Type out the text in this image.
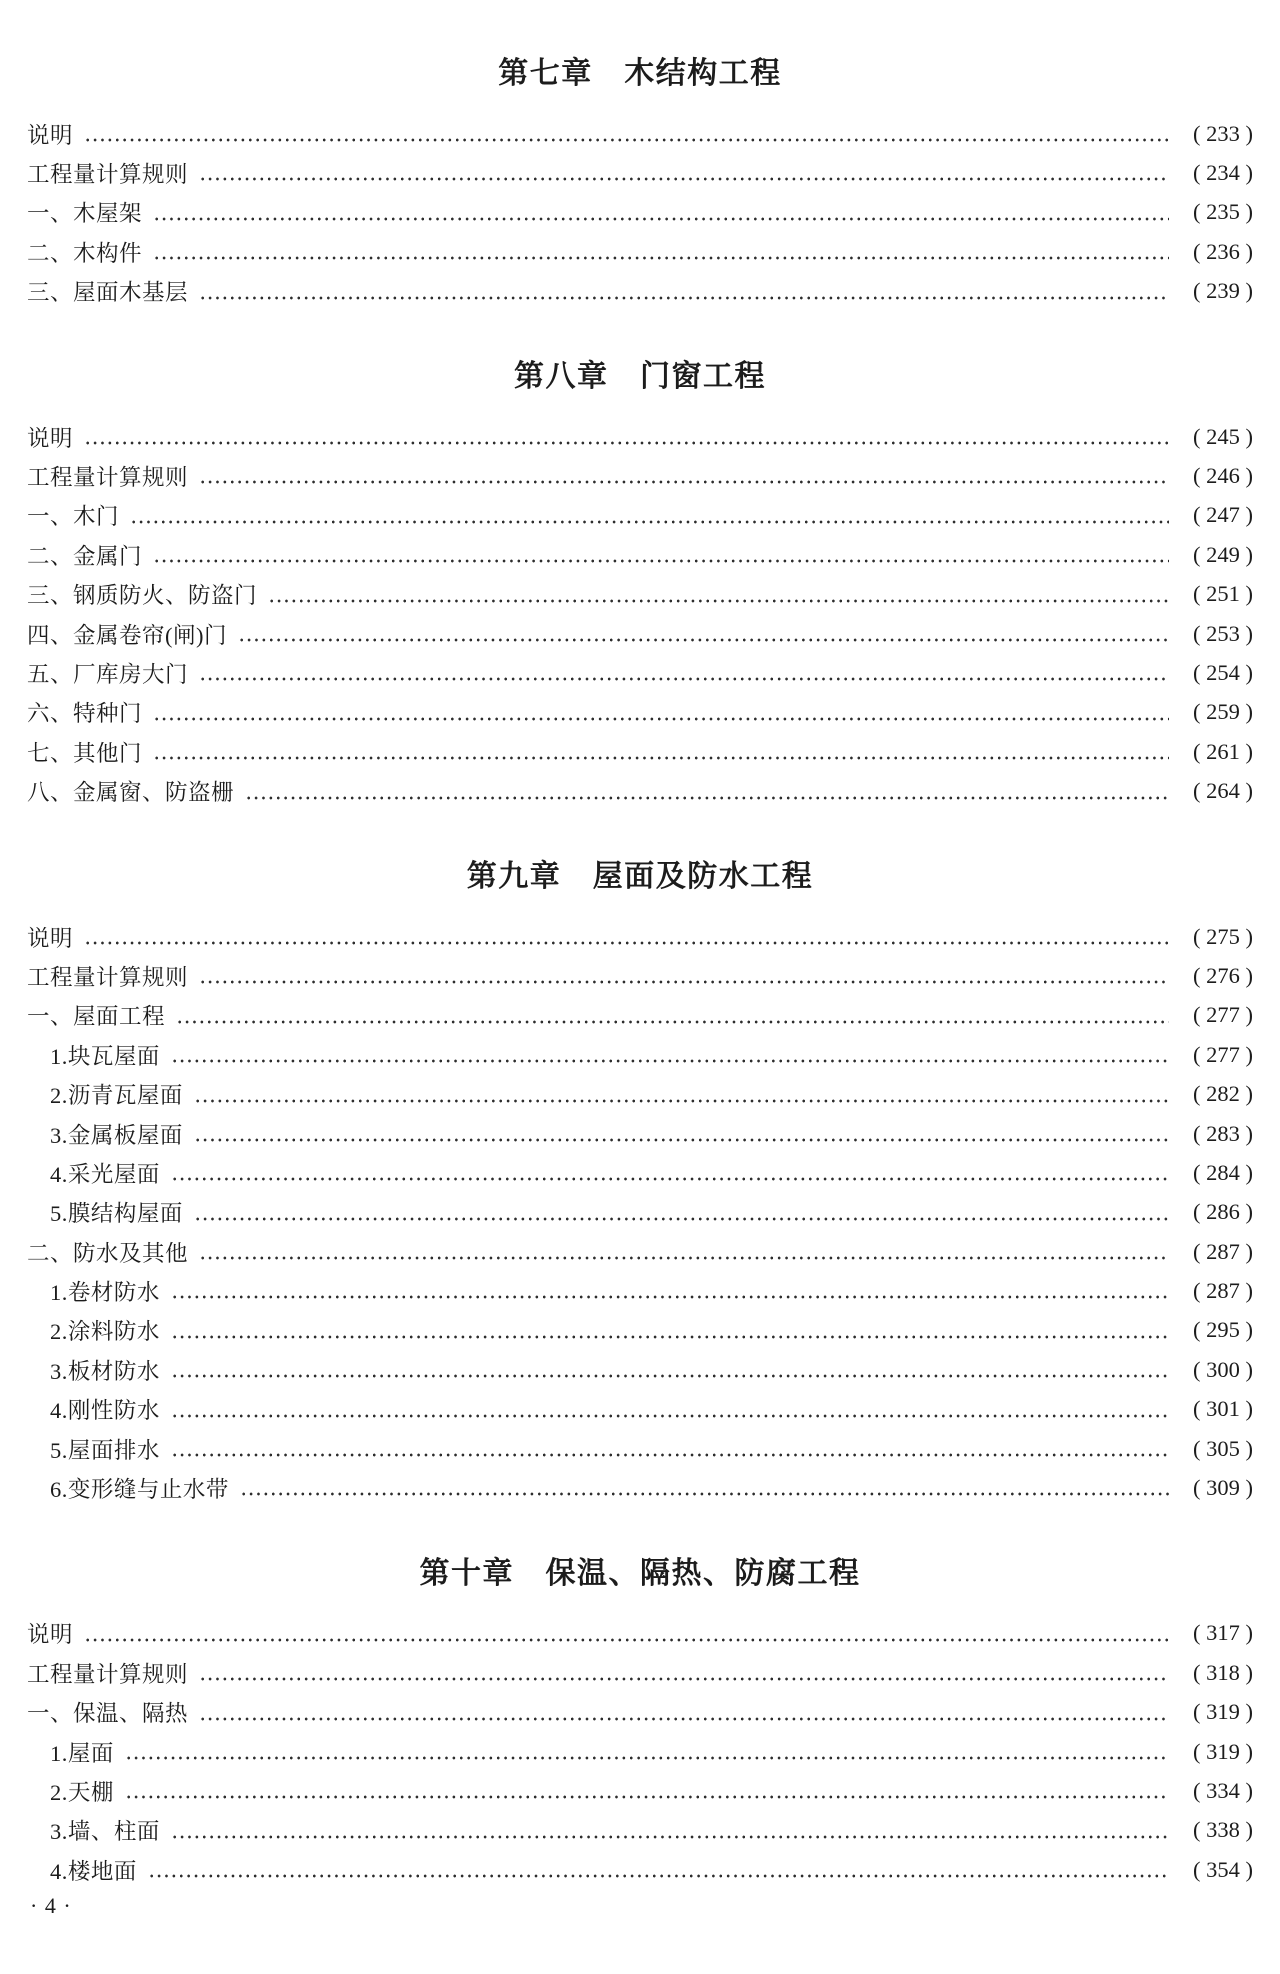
第七章　木结构工程
说明	( 233 )
工程量计算规则	( 234 )
一、木屋架	( 235 )
二、木构件	( 236 )
三、屋面木基层	( 239 )
第八章　门窗工程
说明	( 245 )
工程量计算规则	( 246 )
一、木门	( 247 )
二、金属门	( 249 )
三、钢质防火、防盗门	( 251 )
四、金属卷帘(闸)门	( 253 )
五、厂库房大门	( 254 )
六、特种门	( 259 )
七、其他门	( 261 )
八、金属窗、防盗栅	( 264 )
第九章　屋面及防水工程
说明	( 275 )
工程量计算规则	( 276 )
一、屋面工程	( 277 )
1.块瓦屋面	( 277 )
2.沥青瓦屋面	( 282 )
3.金属板屋面	( 283 )
4.采光屋面	( 284 )
5.膜结构屋面	( 286 )
二、防水及其他	( 287 )
1.卷材防水	( 287 )
2.涂料防水	( 295 )
3.板材防水	( 300 )
4.刚性防水	( 301 )
5.屋面排水	( 305 )
6.变形缝与止水带	( 309 )
第十章　保温、隔热、防腐工程
说明	( 317 )
工程量计算规则	( 318 )
一、保温、隔热	( 319 )
1.屋面	( 319 )
2.天棚	( 334 )
3.墙、柱面	( 338 )
4.楼地面	( 354 )
· 4 ·
